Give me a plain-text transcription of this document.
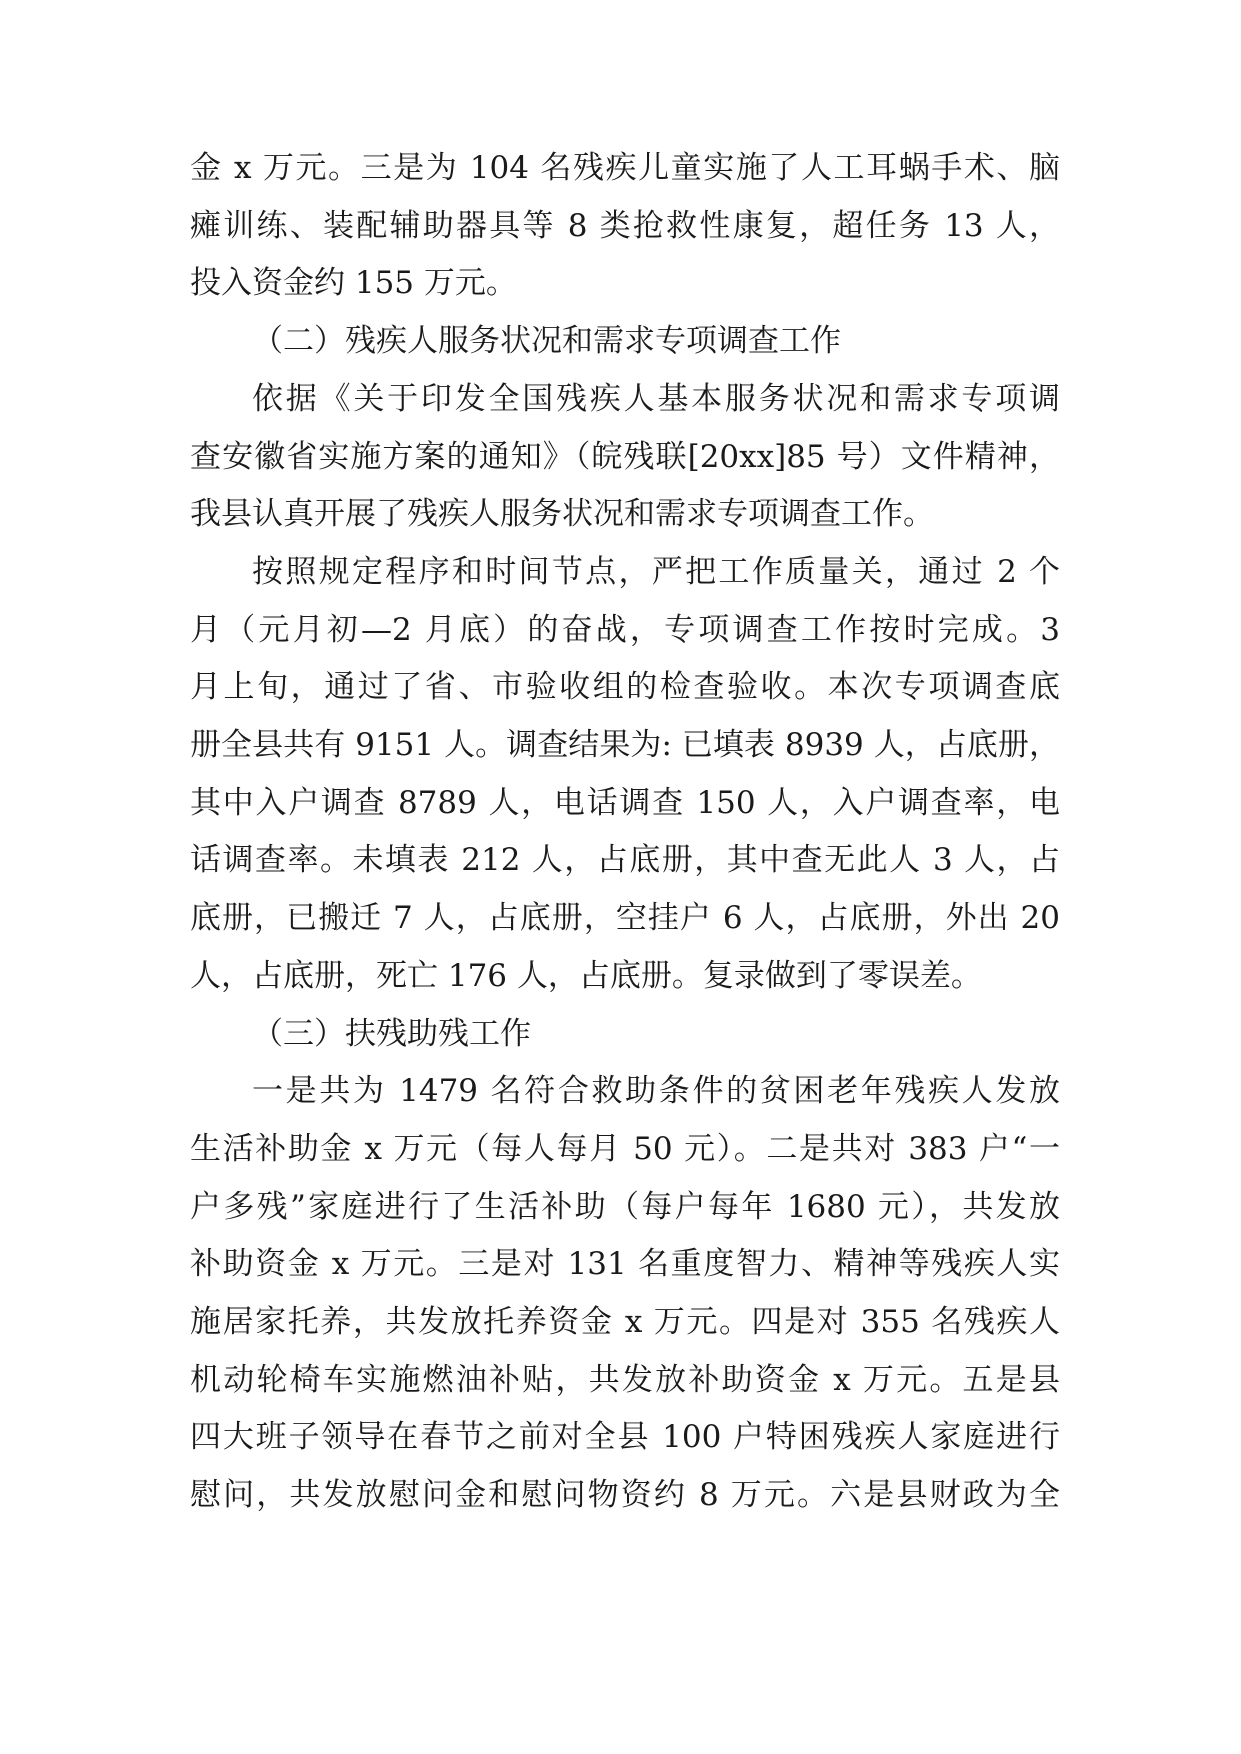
金 x 万元。三是为 104 名残疾儿童实施了人工耳蜗手术、脑
瘫训练、装配辅助器具等 8 类抢救性康复，超任务 13 人，
投入资金约 155 万元。
（二）残疾人服务状况和需求专项调查工作
依据《关于印发全国残疾人基本服务状况和需求专项调
查安徽省实施方案的通知》（皖残联[20xx]85 号）文件精神，
我县认真开展了残疾人服务状况和需求专项调查工作。
按照规定程序和时间节点，严把工作质量关，通过 2 个
月（元月初—2 月底）的奋战，专项调查工作按时完成。3
月上旬，通过了省、市验收组的检查验收。本次专项调查底
册全县共有 9151 人。调查结果为: 已填表 8939 人，占底册，
其中入户调查 8789 人，电话调查 150 人，入户调查率，电
话调查率。未填表 212 人，占底册，其中查无此人 3 人，占
底册，已搬迁 7 人，占底册，空挂户 6 人，占底册，外出 20
人，占底册，死亡 176 人，占底册。复录做到了零误差。
（三）扶残助残工作
一是共为 1479 名符合救助条件的贫困老年残疾人发放
生活补助金 x 万元（每人每月 50 元）。二是共对 383 户“一
户多残”家庭进行了生活补助（每户每年 1680 元），共发放
补助资金 x 万元。三是对 131 名重度智力、精神等残疾人实
施居家托养，共发放托养资金 x 万元。四是对 355 名残疾人
机动轮椅车实施燃油补贴，共发放补助资金 x 万元。五是县
四大班子领导在春节之前对全县 100 户特困残疾人家庭进行
慰问，共发放慰问金和慰问物资约 8 万元。六是县财政为全
